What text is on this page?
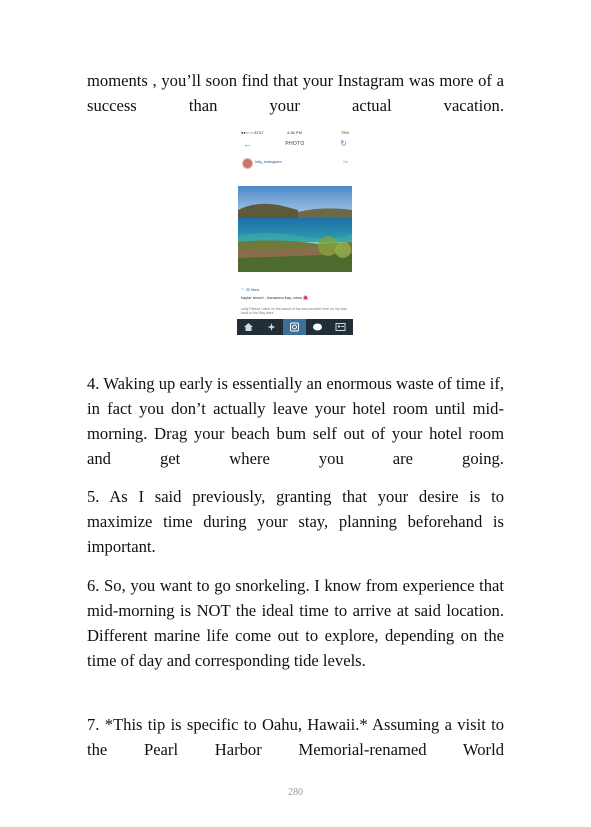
moments , you’ll soon find that your Instagram was more of a success than your actual vacation.

●●○○○ AT&T	4:36 PM	75%
←	PHOTO	↻
lolly_instagram	2w
♡ 22 likes
kaylar beach.. hanauma bay, oahu 🌺
carly Please I wish on the island of the west snorkel here on my way back to the Bay Area

4. Waking up early is essentially an enormous waste of time if, in fact you don’t actually leave your hotel room until mid-morning. Drag your beach bum self out of your hotel room and get where you are going.

5. As I said previously, granting that your desire is to maximize time during your stay, planning beforehand is important.

6. So, you want to go snorkeling. I know from experience that mid-morning is NOT the ideal time to arrive at said location. Different marine life come out to explore, depending on the time of day and corresponding tide levels.

7. *This tip is specific to Oahu, Hawaii.* Assuming a visit to the Pearl Harbor Memorial-renamed World

280
